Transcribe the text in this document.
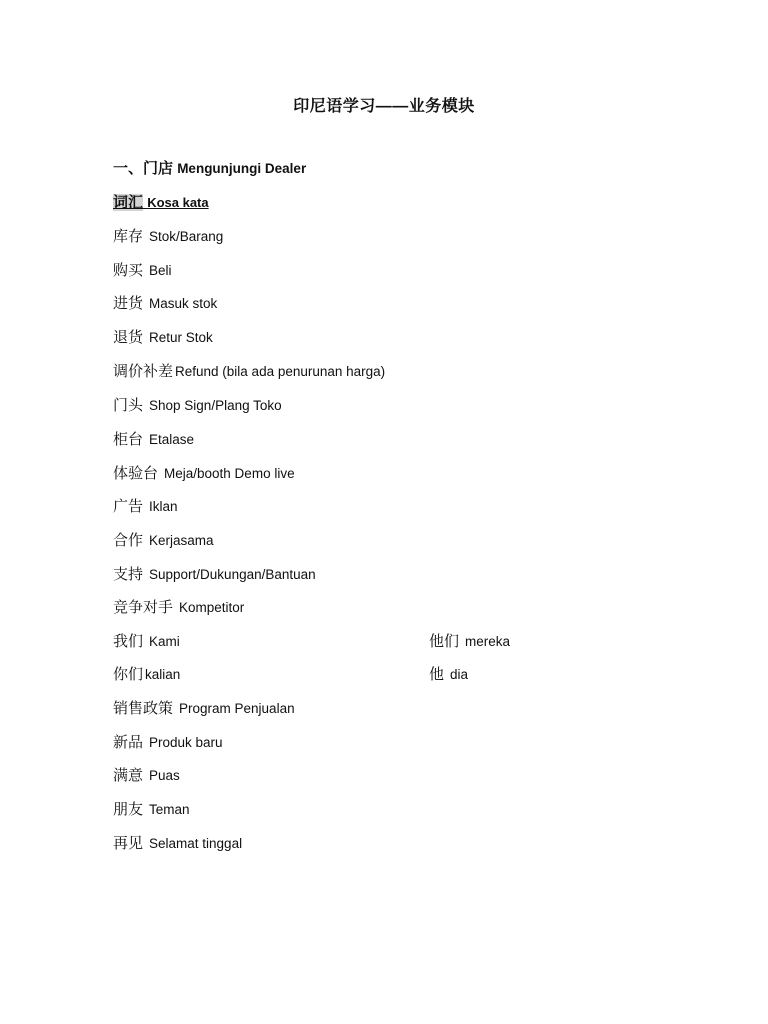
印尼语学习——业务模块
一、门店 Mengunjungi Dealer
词汇 Kosa kata
库存 Stok/Barang
购买 Beli
进货 Masuk stok
退货 Retur Stok
调价补差 Refund (bila ada penurunan harga)
门头 Shop Sign/Plang Toko
柜台 Etalase
体验台 Meja/booth Demo live
广告 Iklan
合作 Kerjasama
支持 Support/Dukungan/Bantuan
竞争对手 Kompetitor
我们 Kami
你们 kalian
销售政策 Program Penjualan
新品 Produk baru
满意 Puas
朋友 Teman
再见 Selamat tinggal
他们 mereka
他 dia
